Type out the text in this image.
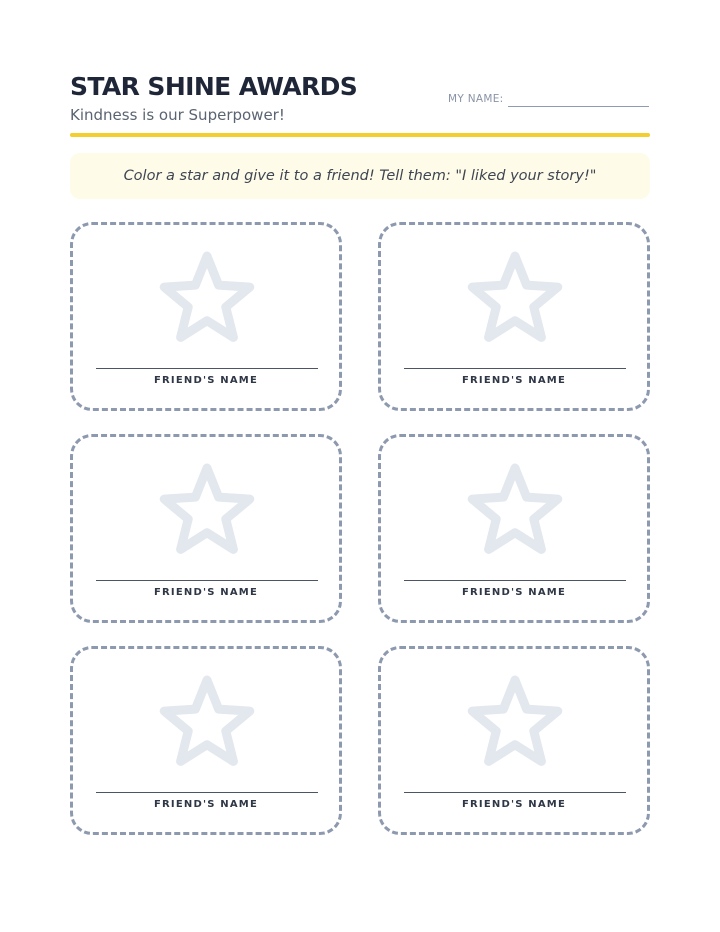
STAR SHINE AWARDS
Kindness is our Superpower!
MY NAME:
Color a star and give it to a friend! Tell them: "I liked your story!"
FRIEND'S NAME	FRIEND'S NAME
FRIEND'S NAME	FRIEND'S NAME
FRIEND'S NAME	FRIEND'S NAME
